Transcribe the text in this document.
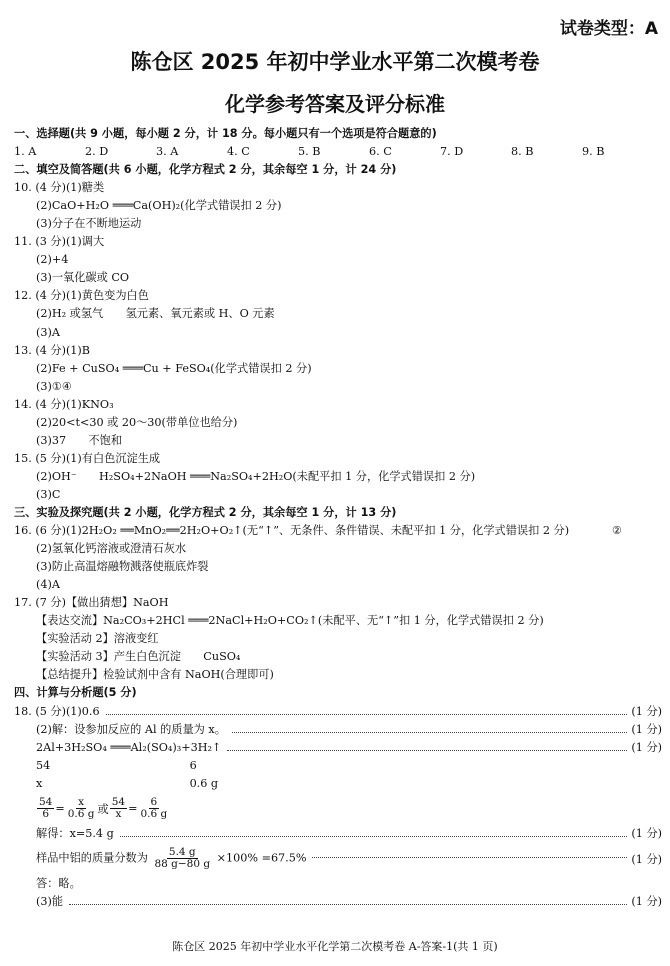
试卷类型：A
陈仓区 2025 年初中学业水平第二次模考卷
化学参考答案及评分标准
一、选择题(共 9 小题，每小题 2 分，计 18 分。每小题只有一个选项是符合题意的)
1. A	2. D	3. A	4. C	5. B	6. C	7. D	8. B	9. B
二、填空及简答题(共 6 小题，化学方程式 2 分，其余每空 1 分，计 24 分)
10. (4 分)(1)糖类
(2)CaO+H₂O ═══Ca(OH)₂(化学式错误扣 2 分)
(3)分子在不断地运动
11. (3 分)(1)调大
(2)+4
(3)一氧化碳或 CO
12. (4 分)(1)黄色变为白色
(2)H₂ 或氢气　　氢元素、氧元素或 H、O 元素
(3)A
13. (4 分)(1)B
(2)Fe + CuSO₄ ═══Cu + FeSO₄(化学式错误扣 2 分)
(3)①④
14. (4 分)(1)KNO₃
(2)20<t<30 或 20～30(带单位也给分)
(3)37　　不饱和
15. (5 分)(1)有白色沉淀生成
(2)OH⁻　　H₂SO₄+2NaOH ═══Na₂SO₄+2H₂O(未配平扣 1 分，化学式错误扣 2 分)
(3)C
三、实验及探究题(共 2 小题，化学方程式 2 分，其余每空 1 分，计 13 分)
16. (6 分)(1)2H₂O₂ ══MnO₂══2H₂O+O₂↑(无“↑”、无条件、条件错误、未配平扣 1 分，化学式错误扣 2 分)	②
(2)氢氧化钙溶液或澄清石灰水
(3)防止高温熔融物溅落使瓶底炸裂
(4)A
17. (7 分)【做出猜想】NaOH
【表达交流】Na₂CO₃+2HCl ═══2NaCl+H₂O+CO₂↑(未配平、无“↑”扣 1 分，化学式错误扣 2 分)
【实验活动 2】溶液变红
【实验活动 3】产生白色沉淀　　CuSO₄
【总结提升】检验试剂中含有 NaOH(合理即可)
四、计算与分析题(5 分)
18. (5 分)(1)0.6	(1 分)
(2)解：设参加反应的 Al 的质量为 x。	(1 分)
2Al+3H₂SO₄ ═══Al₂(SO₄)₃+3H₂↑	(1 分)
54	6
x	0.6 g
$\frac{54}{6} = \frac{x}{0.6 g}$ 或 $\frac{54}{x} = \frac{6}{0.6 g}$
解得：x=5.4 g	(1 分)
样品中铝的质量分数为 $\frac{5.4 g}{88 g-80 g} \times 100\% =67.5\%$	(1 分)
答：略。
(3)能	(1 分)
陈仓区 2025 年初中学业水平化学第二次模考卷 A-答案-1(共 1 页)
